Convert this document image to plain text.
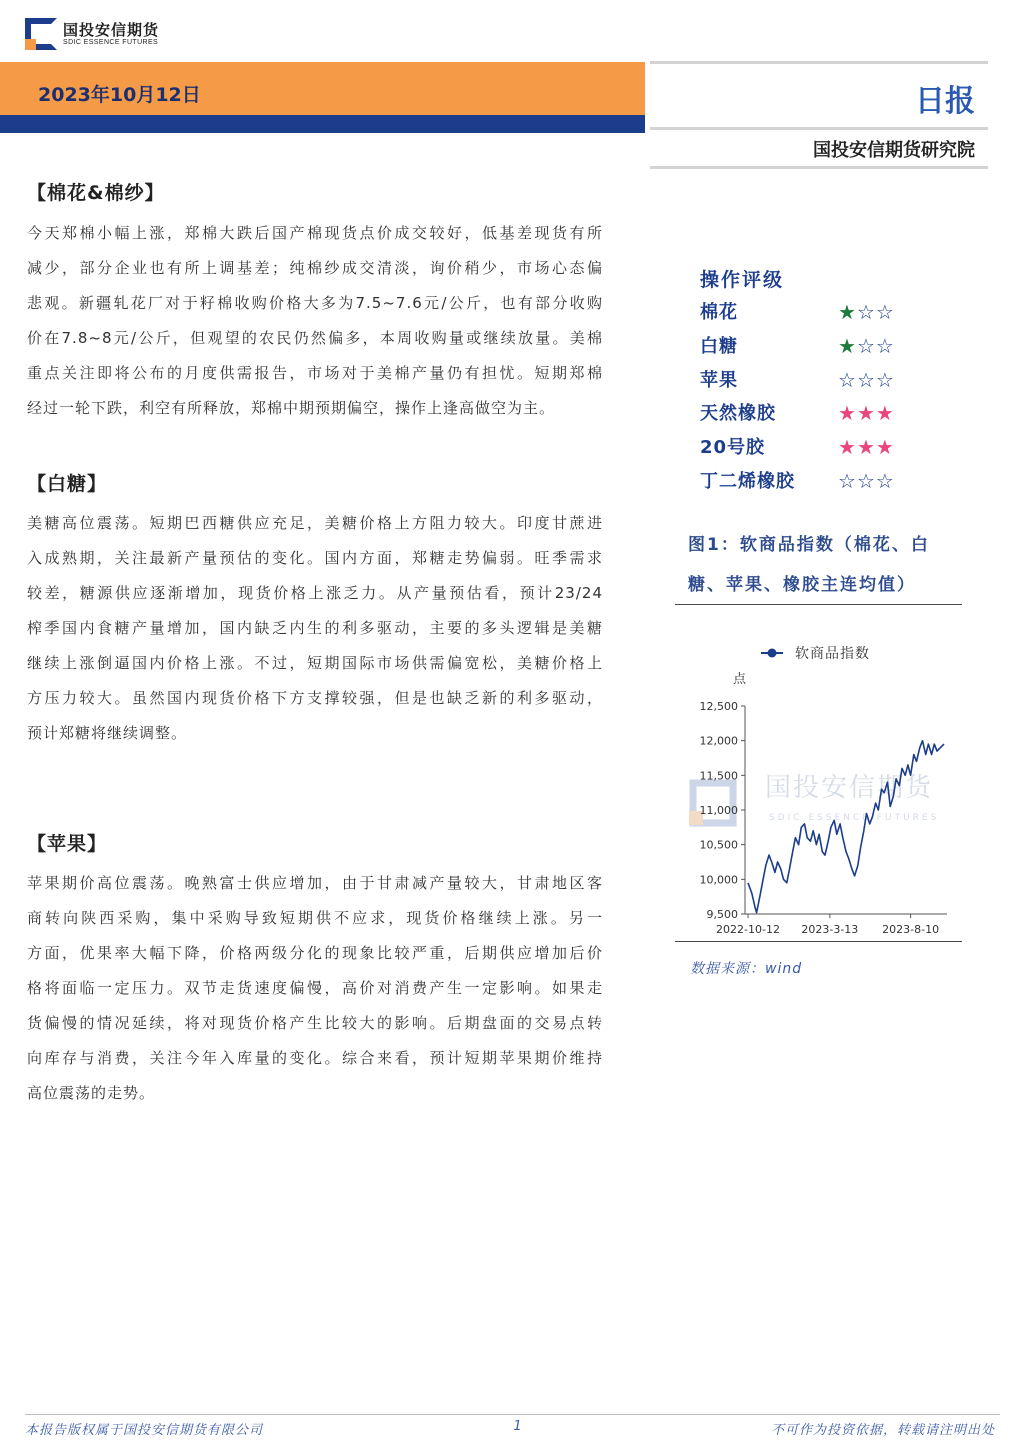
国投安信期货
SDIC ESSENCE FUTURES
2023年10月12日	日报
国投安信期货研究院
【棉花&棉纱】
今天郑棉小幅上涨，郑棉大跌后国产棉现货点价成交较好，低基差现货有所
减少，部分企业也有所上调基差；纯棉纱成交清淡，询价稍少，市场心态偏
悲观。新疆轧花厂对于籽棉收购价格大多为7.5~7.6元/公斤，也有部分收购
价在7.8~8元/公斤，但观望的农民仍然偏多，本周收购量或继续放量。美棉
重点关注即将公布的月度供需报告，市场对于美棉产量仍有担忧。短期郑棉
经过一轮下跌，利空有所释放，郑棉中期预期偏空，操作上逢高做空为主。
【白糖】
美糖高位震荡。短期巴西糖供应充足，美糖价格上方阻力较大。印度甘蔗进
入成熟期，关注最新产量预估的变化。国内方面，郑糖走势偏弱。旺季需求
较差，糖源供应逐渐增加，现货价格上涨乏力。从产量预估看，预计23/24
榨季国内食糖产量增加，国内缺乏内生的利多驱动，主要的多头逻辑是美糖
继续上涨倒逼国内价格上涨。不过，短期国际市场供需偏宽松，美糖价格上
方压力较大。虽然国内现货价格下方支撑较强，但是也缺乏新的利多驱动，
预计郑糖将继续调整。
【苹果】
苹果期价高位震荡。晚熟富士供应增加，由于甘肃减产量较大，甘肃地区客
商转向陕西采购，集中采购导致短期供不应求，现货价格继续上涨。另一
方面，优果率大幅下降，价格两级分化的现象比较严重，后期供应增加后价
格将面临一定压力。双节走货速度偏慢，高价对消费产生一定影响。如果走
货偏慢的情况延续，将对现货价格产生比较大的影响。后期盘面的交易点转
向库存与消费，关注今年入库量的变化。综合来看，预计短期苹果期价维持
高位震荡的走势。
操作评级
棉花	★☆☆
白糖	★☆☆
苹果	☆☆☆
天然橡胶	★★★
20号胶	★★★
丁二烯橡胶 ☆☆☆
图1：软商品指数（棉花、白
糖、苹果、橡胶主连均值）
国投安信期货
SDIC ESSENCE FUTURES
软商品指数
点
9,500
10,000
10,500
11,000
11,500
12,000
12,500
2022-10-12 2023-3-13 2023-8-10
数据来源：wind
本报告版权属于国投安信期货有限公司	1	不可作为投资依据，转载请注明出处
